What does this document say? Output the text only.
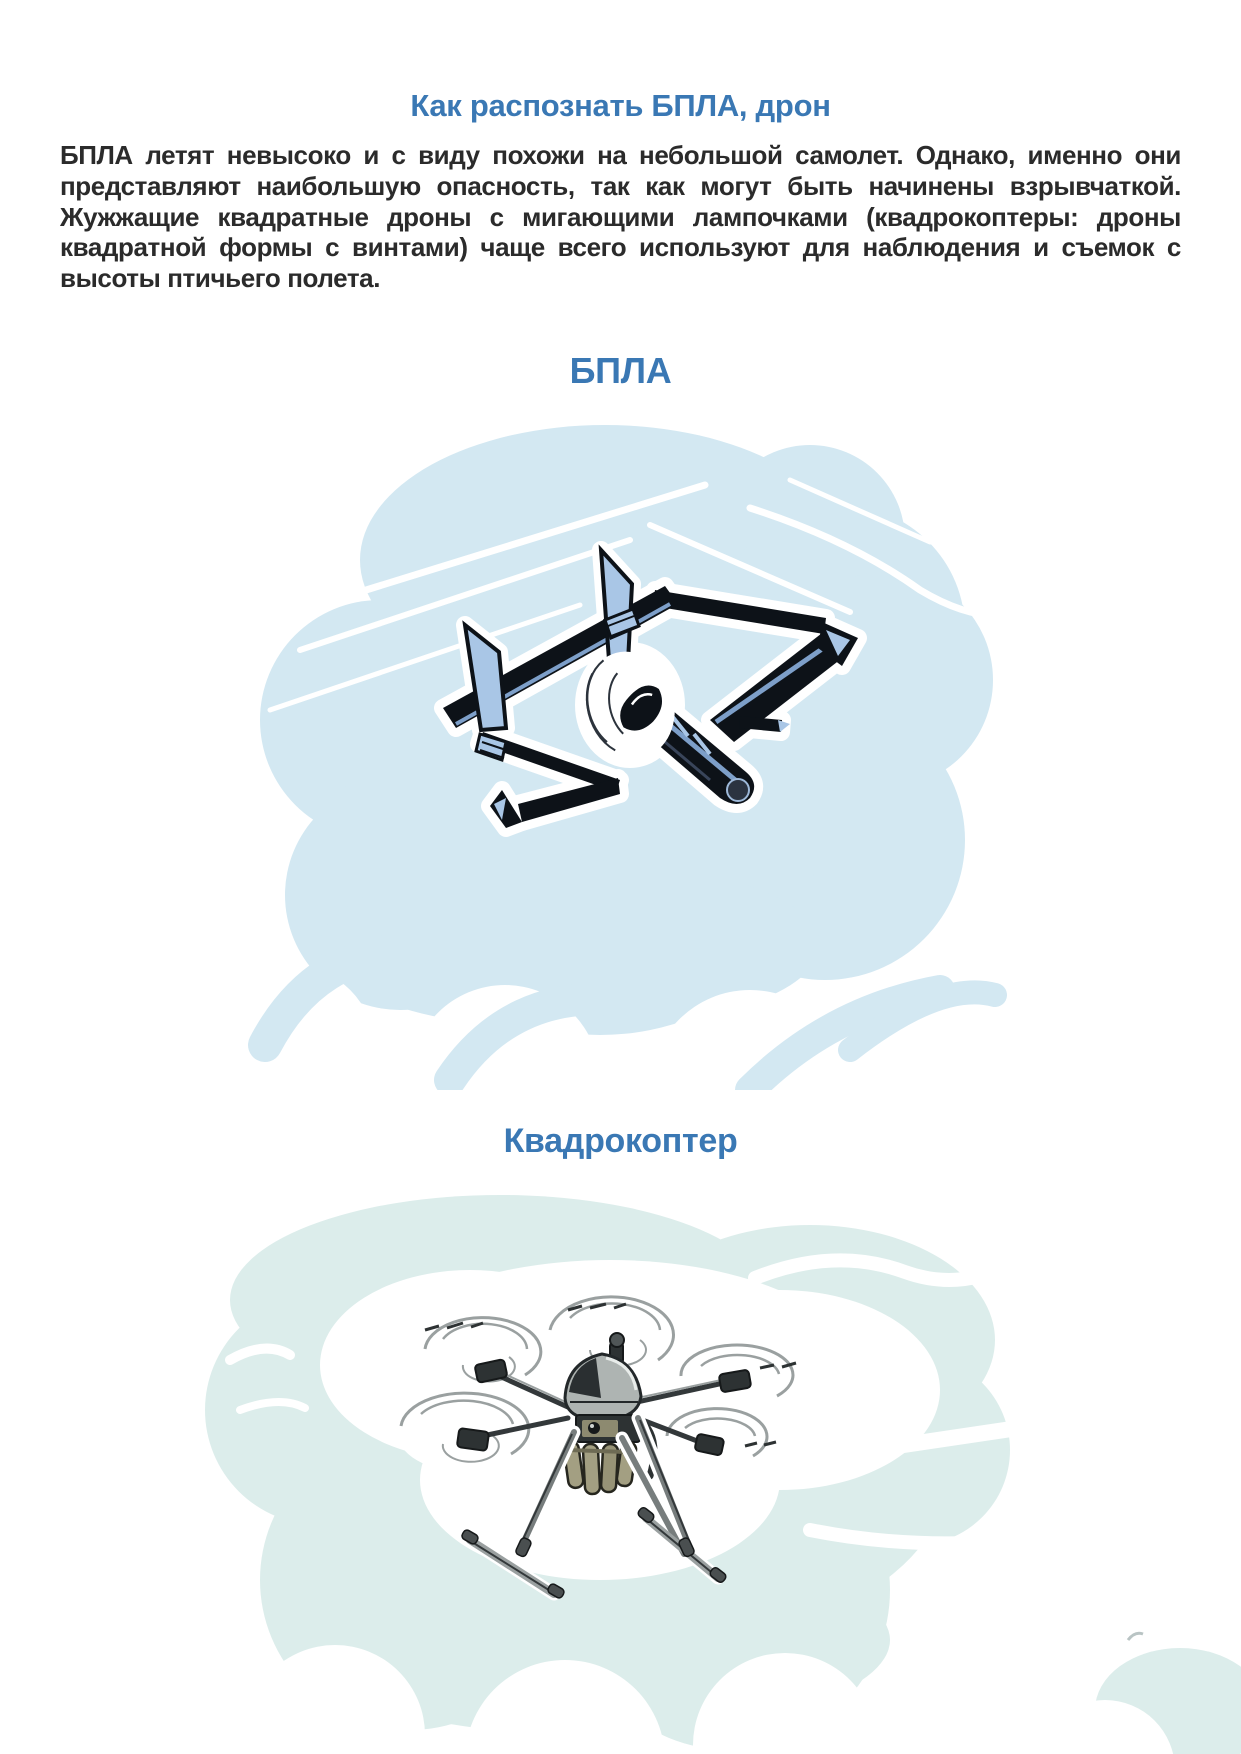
Как распознать БПЛА, дрон

БПЛА летят невысоко и с виду похожи на небольшой самолет. Однако, именно они представляют наибольшую опасность, так как могут быть начинены взрывчаткой. Жужжащие квадратные дроны с мигающими лампочками (квадрокоптеры: дроны квадратной формы с винтами) чаще всего используют для наблюдения и съемок с высоты птичьего полета.

БПЛА
Квадрокоптер
